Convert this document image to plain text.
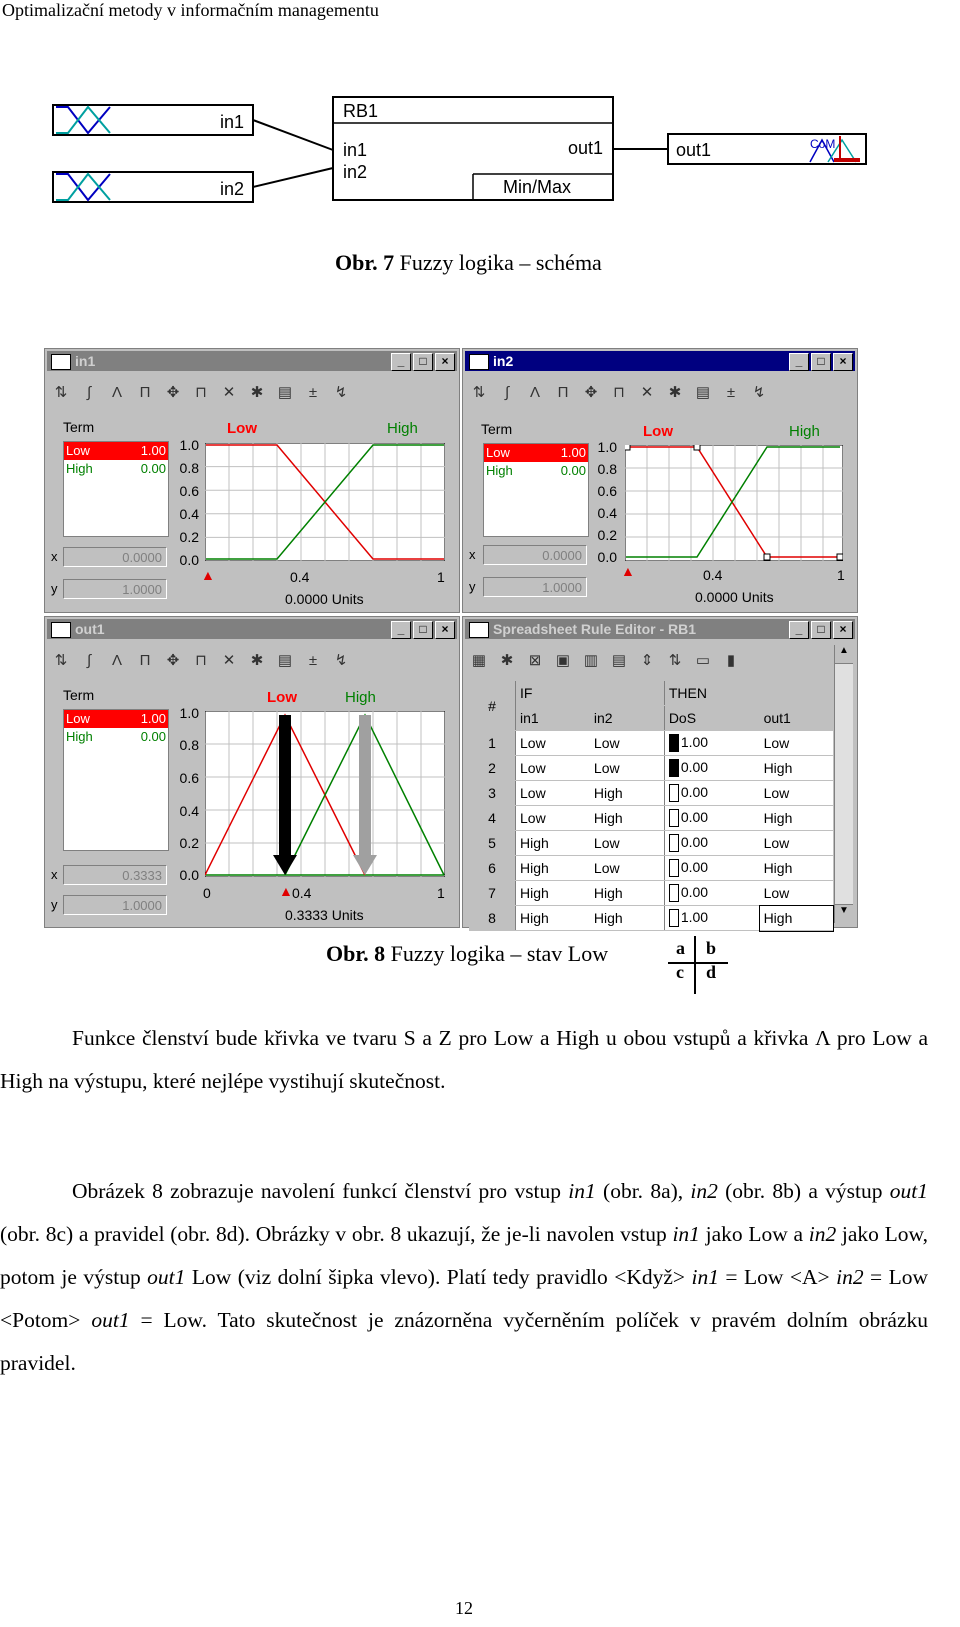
Optimalizační metody v informačním managementu
in1
in2
RB1
in1
in2
out1
Min/Max
out1	CoM
Obr. 7 Fuzzy logika – schéma
in1	_	□	×
⇅	∫	Λ	Π	✥	⊓	✕	✱ ▤	±	↯
Term
Low	1.00
High	0.00
x	0.0000
y	1.0000
1.0
0.8
0.6
0.4
0.2
0.0
Low	High
▲	0.4	1
0.0000 Units
in2	_	□	×
⇅	∫	Λ	Π	✥	⊓	✕	✱ ▤	±	↯
Term
Low	1.00
High	0.00
x	0.0000
y	1.0000
1.0
0.8
0.6
0.4
0.2
0.0
Low	High
▲	0.4	1
0.0000 Units
out1	_	□	×
⇅	∫	Λ	Π	✥	⊓	✕	✱ ▤	±	↯
Term
Low	1.00
High	0.00
x	0.3333
y	1.0000
1.0
0.8
0.6
0.4
0.2
0.0
Low	High
0	▲ 0.4	1
0.3333 Units
Spreadsheet Rule Editor - RB1	_	□	×
▦ ✱	⊠ ▣ ▥ ▤ ⇕	⇅ ▭	▮
▲
▼
#	IF		THEN	
	in1	in2	DoS	out1
1	Low	Low	1.00	Low
2	Low	Low	0.00	High
3	Low	High	0.00	Low
4	Low	High	0.00	High
5	High	Low	0.00	Low
6	High	Low	0.00	High
7	High	High	0.00	Low
8	High	High	1.00	High
Obr. 8 Fuzzy logika – stav Low	a b
c d

Funkce členství bude křivka ve tvaru S a Z pro Low a High u obou vstupů a křivka Λ pro Low a High na výstupu, které nejlépe vystihují skutečnost.

Obrázek 8 zobrazuje navolení funkcí členství pro vstup in1 (obr. 8a), in2 (obr. 8b) a výstup out1 (obr. 8c) a pravidel (obr. 8d). Obrázky v obr. 8 ukazují, že je-li navolen vstup in1 jako Low a in2 jako Low, potom je výstup out1 Low (viz dolní šipka vlevo). Platí tedy pravidlo <Když> in1 = Low <A> in2 = Low <Potom> out1 = Low. Tato skutečnost je znázorněna vyčerněním políček v pravém dolním obrázku pravidel.

12
